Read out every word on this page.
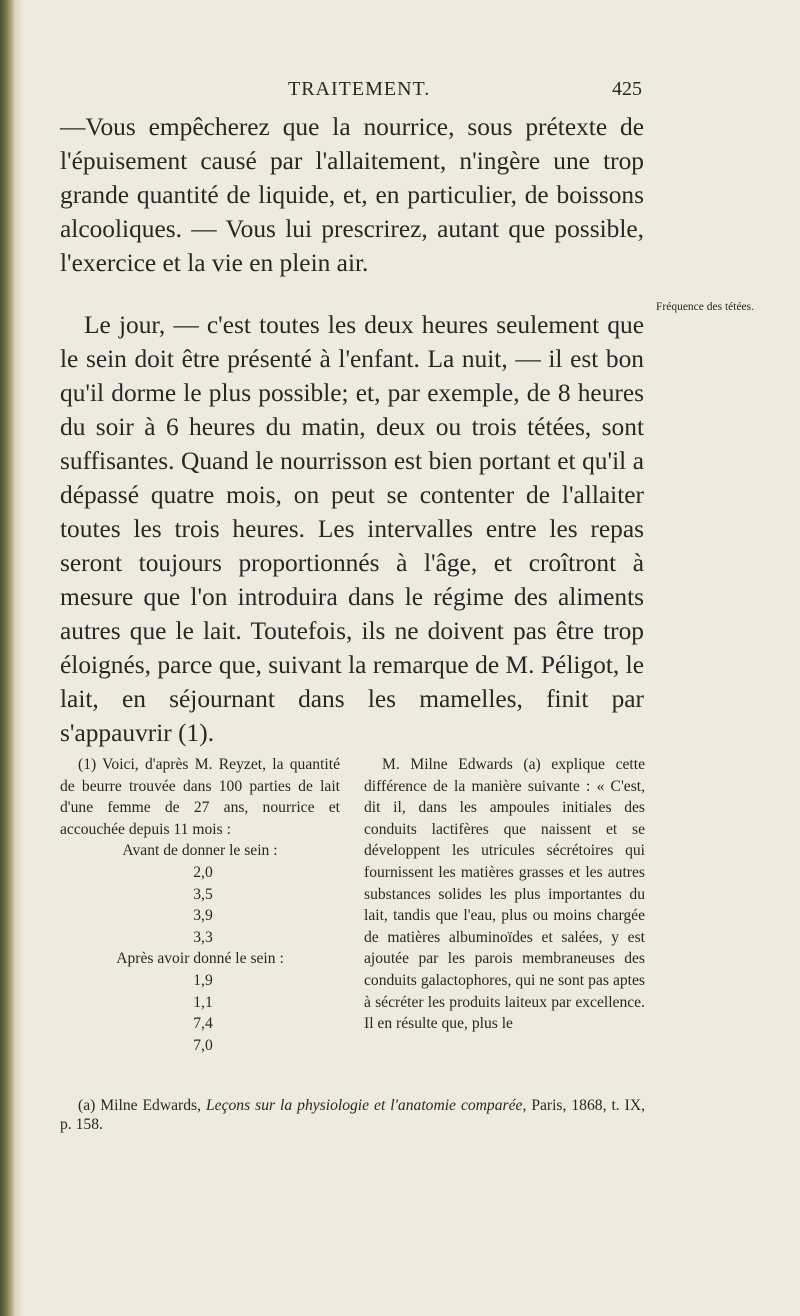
TRAITEMENT.	425

—Vous empêcherez que la nourrice, sous prétexte de l'épuisement causé par l'allaitement, n'ingère une trop grande quantité de liquide, et, en particulier, de boissons alcooliques. — Vous lui prescrirez, autant que possible, l'exercice et la vie en plein air.

Le jour, — c'est toutes les deux heures seulement que le sein doit être présenté à l'enfant. La nuit, — il est bon qu'il dorme le plus possible; et, par exemple, de 8 heures du soir à 6 heures du matin, deux ou trois tétées, sont suffisantes. Quand le nourrisson est bien portant et qu'il a dépassé quatre mois, on peut se contenter de l'allaiter toutes les trois heures. Les intervalles entre les repas seront toujours proportionnés à l'âge, et croîtront à mesure que l'on introduira dans le régime des aliments autres que le lait. Toutefois, ils ne doivent pas être trop éloignés, parce que, suivant la remarque de M. Péligot, le lait, en séjournant dans les mamelles, finit par s'appauvrir (1).

Fréquence des tétées.

(1) Voici, d'après M. Reyzet, la quantité de beurre trouvée dans 100 parties de lait d'une femme de 27 ans, nourrice et accouchée depuis 11 mois :

Avant de donner le sein :
2,0
3,5
3,9
3,3
Après avoir donné le sein :
1,9
1,1
7,4
7,0

M. Milne Edwards (a) explique cette différence de la manière suivante : « C'est, dit il, dans les ampoules initiales des conduits lactifères que naissent et se développent les utricules sécrétoires qui fournissent les matières grasses et les autres substances solides les plus importantes du lait, tandis que l'eau, plus ou moins chargée de matières albuminoïdes et salées, y est ajoutée par les parois membraneuses des conduits galactophores, qui ne sont pas aptes à sécréter les produits laiteux par excellence. Il en résulte que, plus le

(a) Milne Edwards, Leçons sur la physiologie et l'anatomie comparée, Paris, 1868, t. IX, p. 158.
